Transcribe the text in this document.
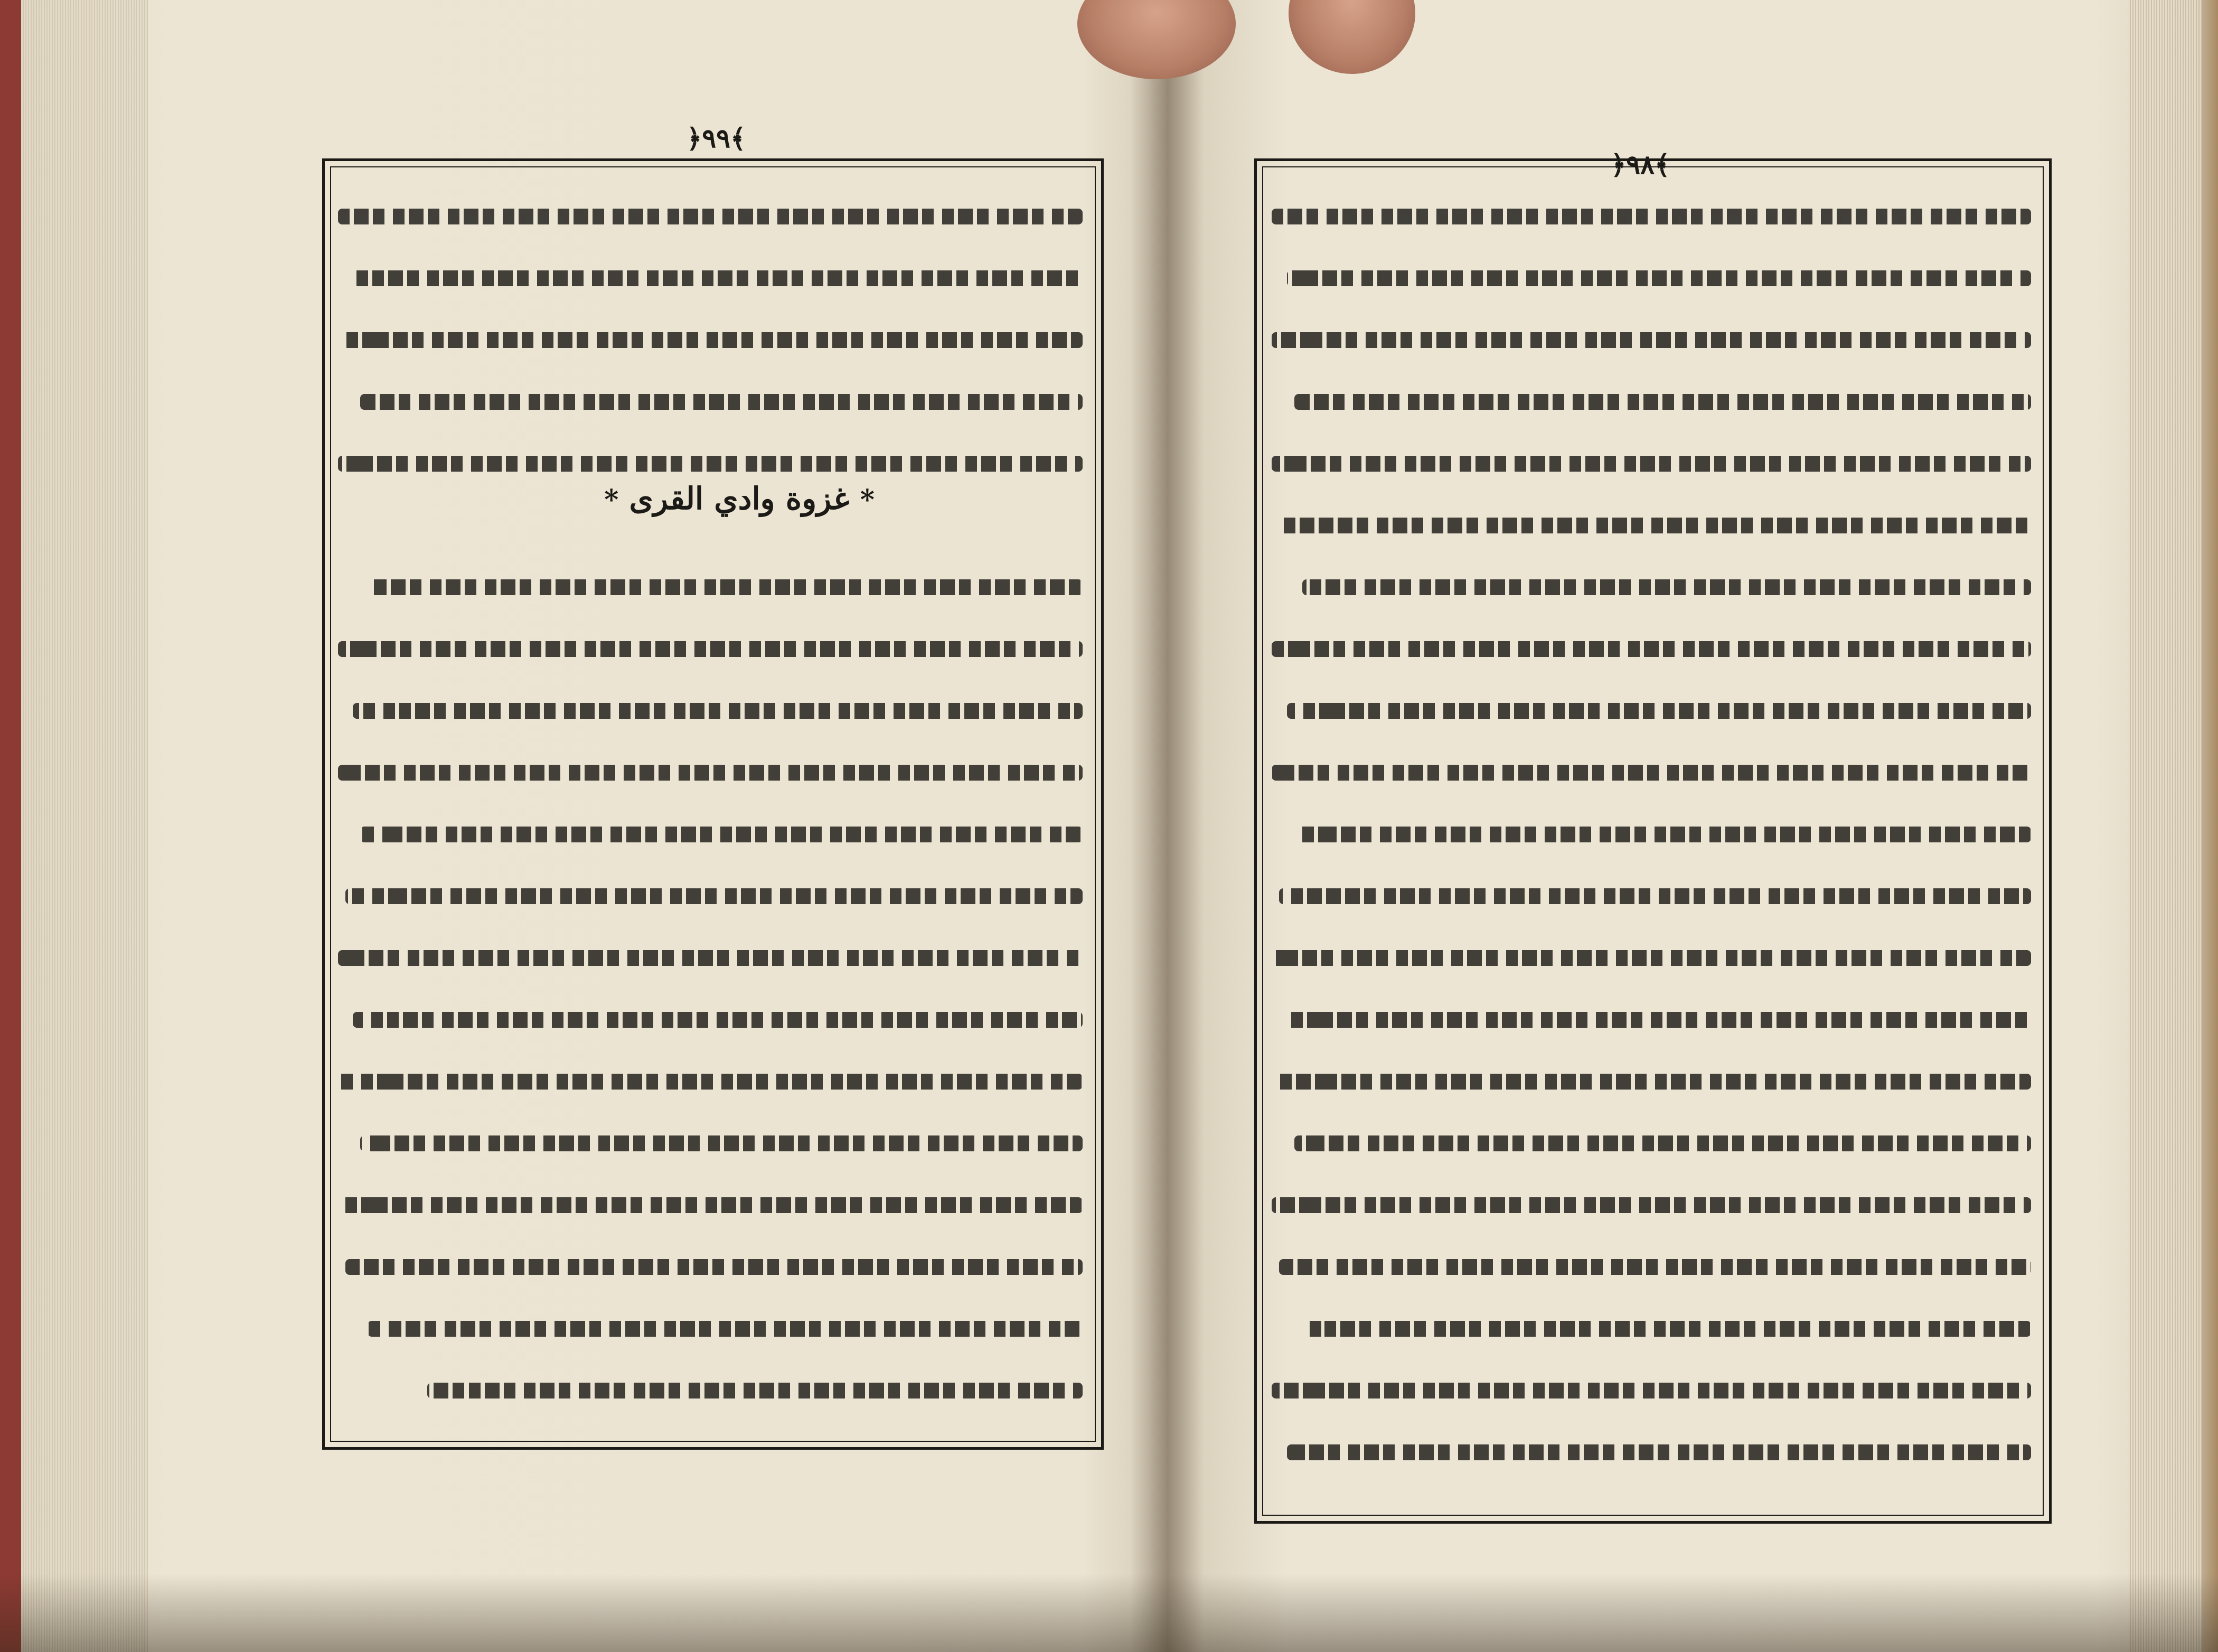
﴿٩٩﴾
﴿٩٨﴾
* غزوة وادي القرى *
